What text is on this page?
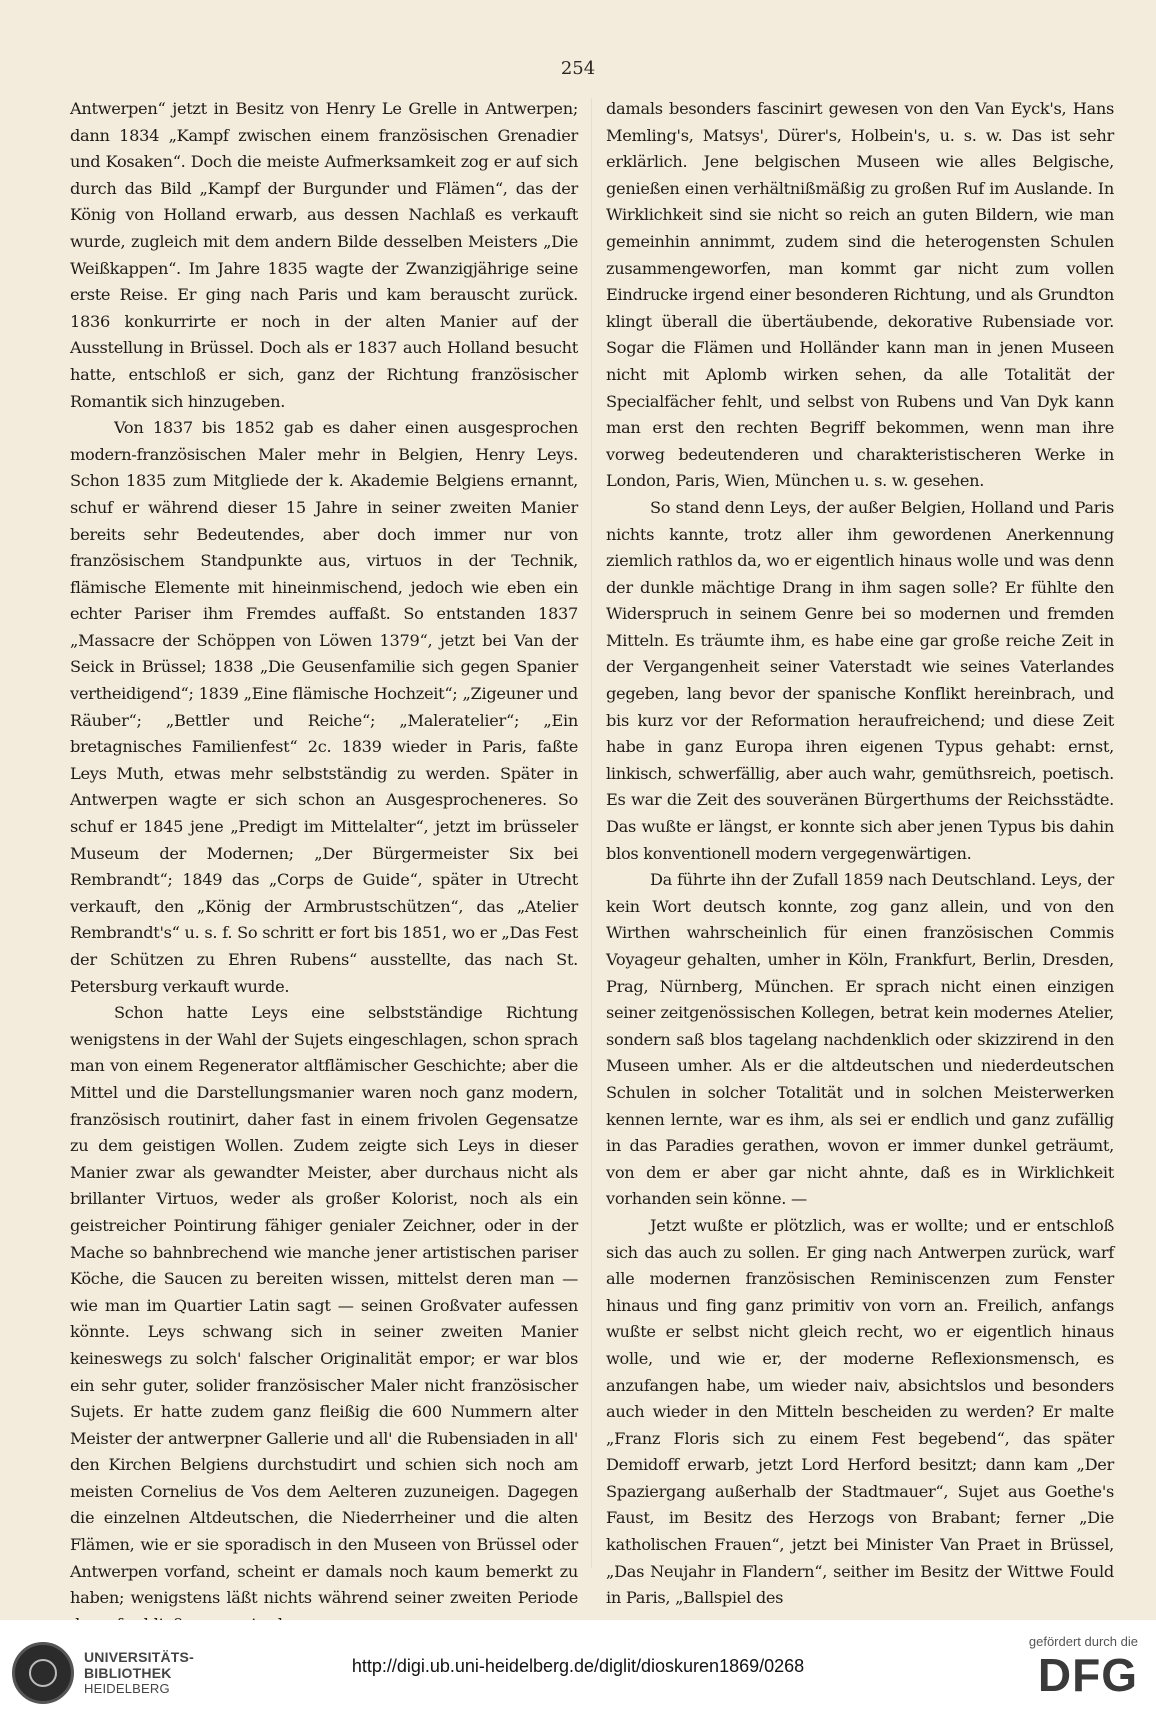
254

Antwerpen“ jetzt in Besitz von Henry Le Grelle in Antwerpen; dann 1834 „Kampf zwischen einem französischen Grenadier und Kosaken“. Doch die meiste Aufmerksamkeit zog er auf sich durch das Bild „Kampf der Burgunder und Flämen“, das der König von Holland erwarb, aus dessen Nachlaß es verkauft wurde, zugleich mit dem andern Bilde desselben Meisters „Die Weißkappen“. Im Jahre 1835 wagte der Zwanzigjährige seine erste Reise. Er ging nach Paris und kam berauscht zurück. 1836 konkurrirte er noch in der alten Manier auf der Ausstellung in Brüssel. Doch als er 1837 auch Holland besucht hatte, entschloß er sich, ganz der Richtung französischer Romantik sich hinzugeben.

Von 1837 bis 1852 gab es daher einen ausgesprochen modern-französischen Maler mehr in Belgien, Henry Leys. Schon 1835 zum Mitgliede der k. Akademie Belgiens ernannt, schuf er während dieser 15 Jahre in seiner zweiten Manier bereits sehr Bedeutendes, aber doch immer nur von französischem Standpunkte aus, virtuos in der Technik, flämische Elemente mit hineinmischend, jedoch wie eben ein echter Pariser ihm Fremdes auffaßt. So entstanden 1837 „Massacre der Schöppen von Löwen 1379“, jetzt bei Van der Seick in Brüssel; 1838 „Die Geusenfamilie sich gegen Spanier vertheidigend“; 1839 „Eine flämische Hochzeit“; „Zigeuner und Räuber“; „Bettler und Reiche“; „Maleratelier“; „Ein bretagnisches Familienfest“ 2c. 1839 wieder in Paris, faßte Leys Muth, etwas mehr selbstständig zu werden. Später in Antwerpen wagte er sich schon an Ausgesprocheneres. So schuf er 1845 jene „Predigt im Mittelalter“, jetzt im brüsseler Museum der Modernen; „Der Bürgermeister Six bei Rembrandt“; 1849 das „Corps de Guide“, später in Utrecht verkauft, den „König der Armbrustschützen“, das „Atelier Rembrandt's“ u. s. f. So schritt er fort bis 1851, wo er „Das Fest der Schützen zu Ehren Rubens“ ausstellte, das nach St. Petersburg verkauft wurde.

Schon hatte Leys eine selbstständige Richtung wenigstens in der Wahl der Sujets eingeschlagen, schon sprach man von einem Regenerator altflämischer Geschichte; aber die Mittel und die Darstellungsmanier waren noch ganz modern, französisch routinirt, daher fast in einem frivolen Gegensatze zu dem geistigen Wollen. Zudem zeigte sich Leys in dieser Manier zwar als gewandter Meister, aber durchaus nicht als brillanter Virtuos, weder als großer Kolorist, noch als ein geistreicher Pointirung fähiger genialer Zeichner, oder in der Mache so bahnbrechend wie manche jener artistischen pariser Köche, die Saucen zu bereiten wissen, mittelst deren man — wie man im Quartier Latin sagt — seinen Großvater aufessen könnte. Leys schwang sich in seiner zweiten Manier keineswegs zu solch' falscher Originalität empor; er war blos ein sehr guter, solider französischer Maler nicht französischer Sujets. Er hatte zudem ganz fleißig die 600 Nummern alter Meister der antwerpner Gallerie und all' die Rubensiaden in all' den Kirchen Belgiens durchstudirt und schien sich noch am meisten Cornelius de Vos dem Aelteren zuzuneigen. Dagegen die einzelnen Altdeutschen, die Niederrheiner und die alten Flämen, wie er sie sporadisch in den Museen von Brüssel oder Antwerpen vorfand, scheint er damals noch kaum bemerkt zu haben; wenigstens läßt nichts während seiner zweiten Periode

damals besonders fascinirt gewesen von den Van Eyck's, Hans Memling's, Matsys', Dürer's, Holbein's, u. s. w. Das ist sehr erklärlich. Jene belgischen Museen wie alles Belgische, genießen einen verhältnißmäßig zu großen Ruf im Auslande. In Wirklichkeit sind sie nicht so reich an guten Bildern, wie man gemeinhin annimmt, zudem sind die heterogensten Schulen zusammengeworfen, man kommt gar nicht zum vollen Eindrucke irgend einer besonderen Richtung, und als Grundton klingt überall die übertäubende, dekorative Rubensiade vor. Sogar die Flämen und Holländer kann man in jenen Museen nicht mit Aplomb wirken sehen, da alle Totalität der Specialfächer fehlt, und selbst von Rubens und Van Dyk kann man erst den rechten Begriff bekommen, wenn man ihre vorweg bedeutenderen und charakteristischeren Werke in London, Paris, Wien, München u. s. w. gesehen.

So stand denn Leys, der außer Belgien, Holland und Paris nichts kannte, trotz aller ihm gewordenen Anerkennung ziemlich rathlos da, wo er eigentlich hinaus wolle und was denn der dunkle mächtige Drang in ihm sagen solle? Er fühlte den Widerspruch in seinem Genre bei so modernen und fremden Mitteln. Es träumte ihm, es habe eine gar große reiche Zeit in der Vergangenheit seiner Vaterstadt wie seines Vaterlandes gegeben, lang bevor der spanische Konflikt hereinbrach, und bis kurz vor der Reformation heraufreichend; und diese Zeit habe in ganz Europa ihren eigenen Typus gehabt: ernst, linkisch, schwerfällig, aber auch wahr, gemüthsreich, poetisch. Es war die Zeit des souveränen Bürgerthums der Reichsstädte. Das wußte er längst, er konnte sich aber jenen Typus bis dahin blos konventionell modern vergegenwärtigen.

Da führte ihn der Zufall 1859 nach Deutschland. Leys, der kein Wort deutsch konnte, zog ganz allein, und von den Wirthen wahrscheinlich für einen französischen Commis Voyageur gehalten, umher in Köln, Frankfurt, Berlin, Dresden, Prag, Nürnberg, München. Er sprach nicht einen einzigen seiner zeitgenössischen Kollegen, betrat kein modernes Atelier, sondern saß blos tagelang nachdenklich oder skizzirend in den Museen umher. Als er die altdeutschen und niederdeutschen Schulen in solcher Totalität und in solchen Meisterwerken kennen lernte, war es ihm, als sei er endlich und ganz zufällig in das Paradies gerathen, wovon er immer dunkel geträumt, von dem er aber gar nicht ahnte, daß es in Wirklichkeit vorhanden sein könne. —

Jetzt wußte er plötzlich, was er wollte; und er entschloß sich das auch zu sollen. Er ging nach Antwerpen zurück, warf alle modernen französischen Reminiscenzen zum Fenster hinaus und fing ganz primitiv von vorn an. Freilich, anfangs wußte er selbst nicht gleich recht, wo er eigentlich hinaus wolle, und wie er, der moderne Reflexionsmensch, es anzufangen habe, um wieder naiv, absichtslos und besonders auch wieder in den Mitteln bescheiden zu werden? Er malte „Franz Floris sich zu einem Fest begebend“, das später Demidoff erwarb, jetzt Lord Herford besitzt; dann kam „Der Spaziergang außerhalb der Stadtmauer“, Sujet aus Goethe's Faust, im Besitz des Herzogs von Brabant; ferner „Die katholischen Frauen“, jetzt bei Minister Van Praet in Brüssel, „Das Neujahr in Flandern“, seither im Besitz der Wittwe Fould in Paris, „Ballspiel des

UNIVERSITÄTS-
BIBLIOTHEK
HEIDELBERG
http://digi.ub.uni-heidelberg.de/diglit/dioskuren1869/0268
gefördert durch die
DFG
